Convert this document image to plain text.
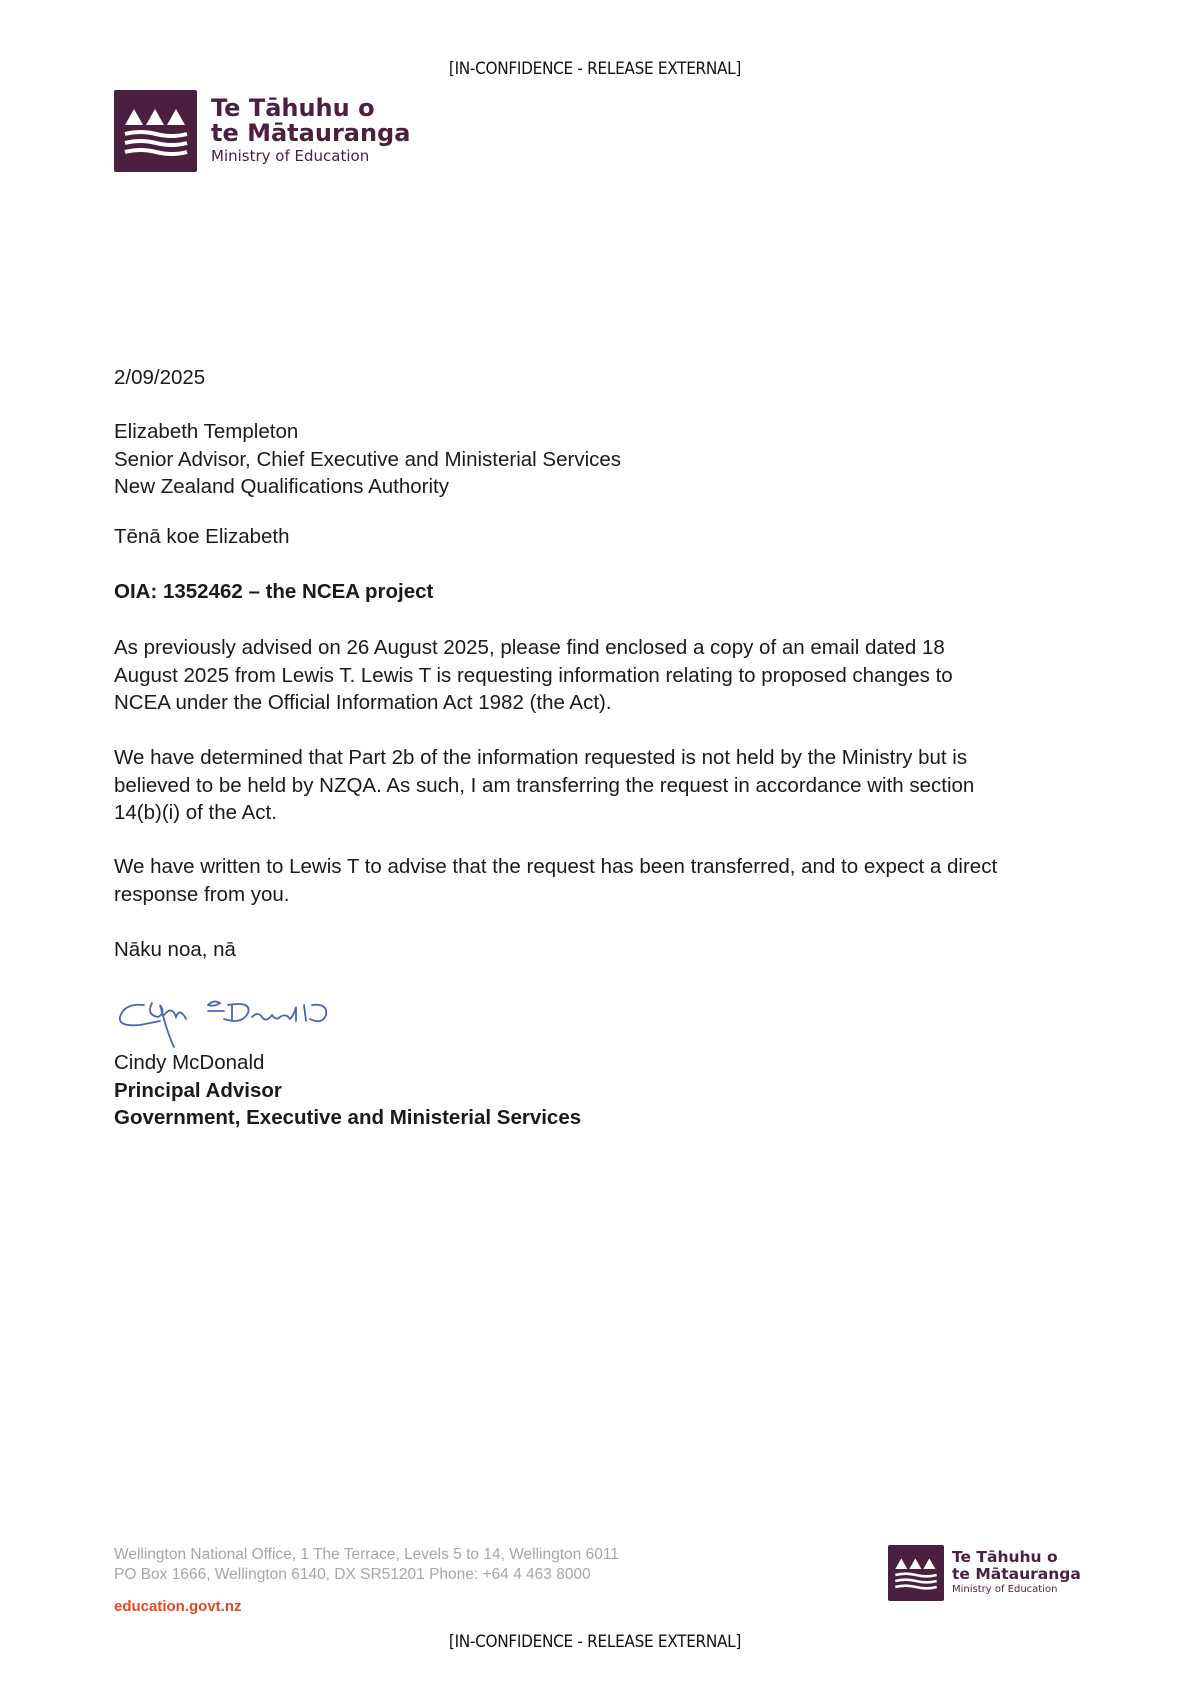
[IN-CONFIDENCE - RELEASE EXTERNAL]
Te Tāhuhu o
te Mātauranga
Ministry of Education
2/09/2025
Elizabeth Templeton
Senior Advisor, Chief Executive and Ministerial Services
New Zealand Qualifications Authority
Tēnā koe Elizabeth
OIA: 1352462 – the NCEA project
As previously advised on 26 August 2025, please find enclosed a copy of an email dated 18
August 2025 from Lewis T. Lewis T is requesting information relating to proposed changes to
NCEA under the Official Information Act 1982 (the Act).
We have determined that Part 2b of the information requested is not held by the Ministry but is
believed to be held by NZQA. As such, I am transferring the request in accordance with section
14(b)(i) of the Act.
We have written to Lewis T to advise that the request has been transferred, and to expect a direct
response from you.
Nāku noa, nā
Cindy McDonald
Principal Advisor
Government, Executive and Ministerial Services
Wellington National Office, 1 The Terrace, Levels 5 to 14, Wellington 6011
PO Box 1666, Wellington 6140, DX SR51201 Phone: +64 4 463 8000
education.govt.nz
Te Tāhuhu o
te Mātauranga
Ministry of Education
[IN-CONFIDENCE - RELEASE EXTERNAL]
